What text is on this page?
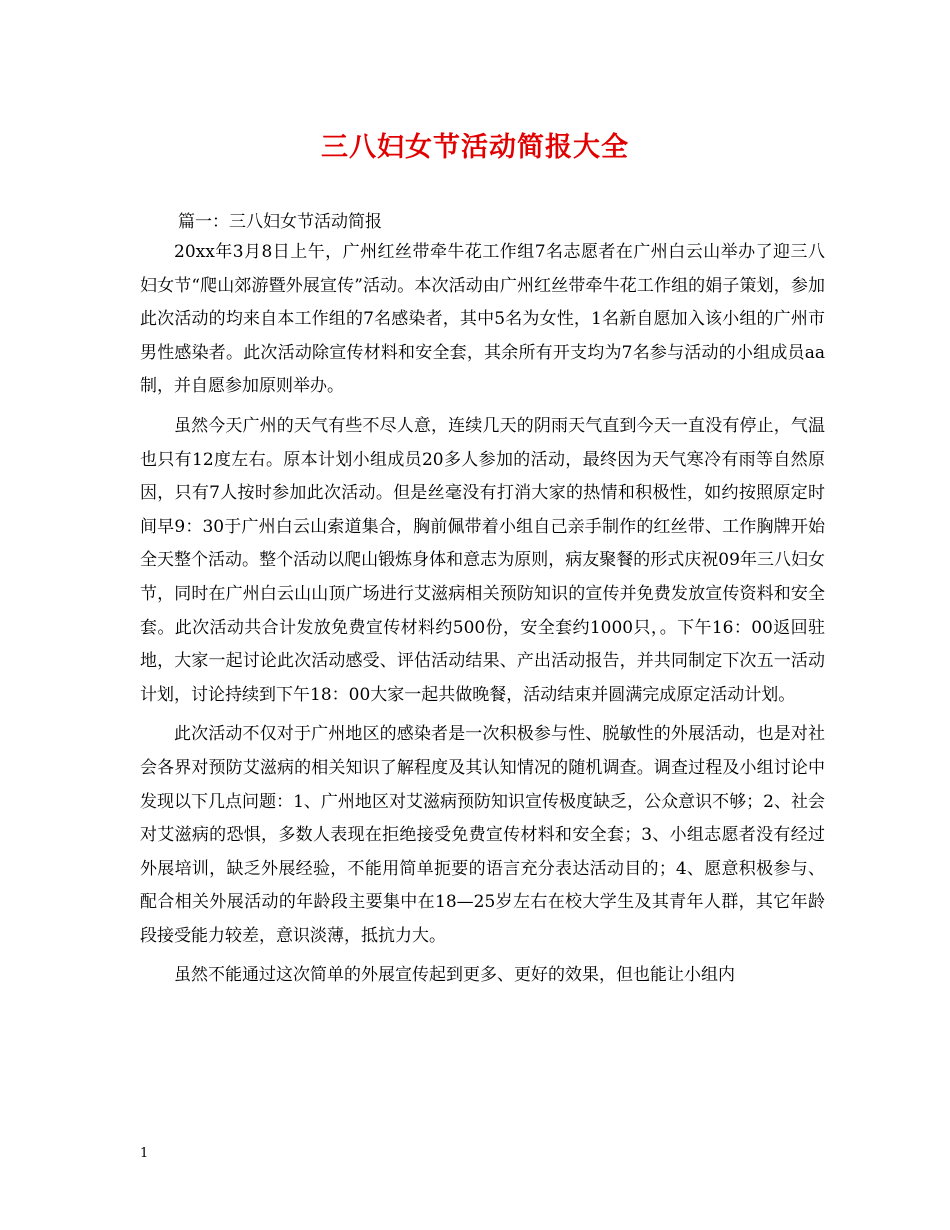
三八妇女节活动简报大全
篇一：三八妇女节活动简报

20xx年3月8日上午，广州红丝带牵牛花工作组7名志愿者在广州白云山举办了迎三八妇女节“爬山郊游暨外展宣传”活动。本次活动由广州红丝带牵牛花工作组的娟子策划，参加此次活动的均来自本工作组的7名感染者，其中5名为女性，1名新自愿加入该小组的广州市男性感染者。此次活动除宣传材料和安全套，其余所有开支均为7名参与活动的小组成员aa制，并自愿参加原则举办。

虽然今天广州的天气有些不尽人意，连续几天的阴雨天气直到今天一直没有停止，气温也只有12度左右。原本计划小组成员20多人参加的活动，最终因为天气寒冷有雨等自然原因，只有7人按时参加此次活动。但是丝毫没有打消大家的热情和积极性，如约按照原定时间早9：30于广州白云山索道集合，胸前佩带着小组自己亲手制作的红丝带、工作胸牌开始全天整个活动。整个活动以爬山锻炼身体和意志为原则，病友聚餐的形式庆祝09年三八妇女节，同时在广州白云山山顶广场进行艾滋病相关预防知识的宣传并免费发放宣传资料和安全套。此次活动共合计发放免费宣传材料约500份，安全套约1000只，。下午16：00返回驻地，大家一起讨论此次活动感受、评估活动结果、产出活动报告，并共同制定下次五一活动计划，讨论持续到下午18：00大家一起共做晚餐，活动结束并圆满完成原定活动计划。

此次活动不仅对于广州地区的感染者是一次积极参与性、脱敏性的外展活动，也是对社会各界对预防艾滋病的相关知识了解程度及其认知情况的随机调查。调查过程及小组讨论中发现以下几点问题：1、广州地区对艾滋病预防知识宣传极度缺乏，公众意识不够；2、社会对艾滋病的恐惧，多数人表现在拒绝接受免费宣传材料和安全套；3、小组志愿者没有经过外展培训，缺乏外展经验，不能用简单扼要的语言充分表达活动目的；4、愿意积极参与、配合相关外展活动的年龄段主要集中在18—25岁左右在校大学生及其青年人群，其它年龄段接受能力较差，意识淡薄，抵抗力大。

虽然不能通过这次简单的外展宣传起到更多、更好的效果，但也能让小组内

1
